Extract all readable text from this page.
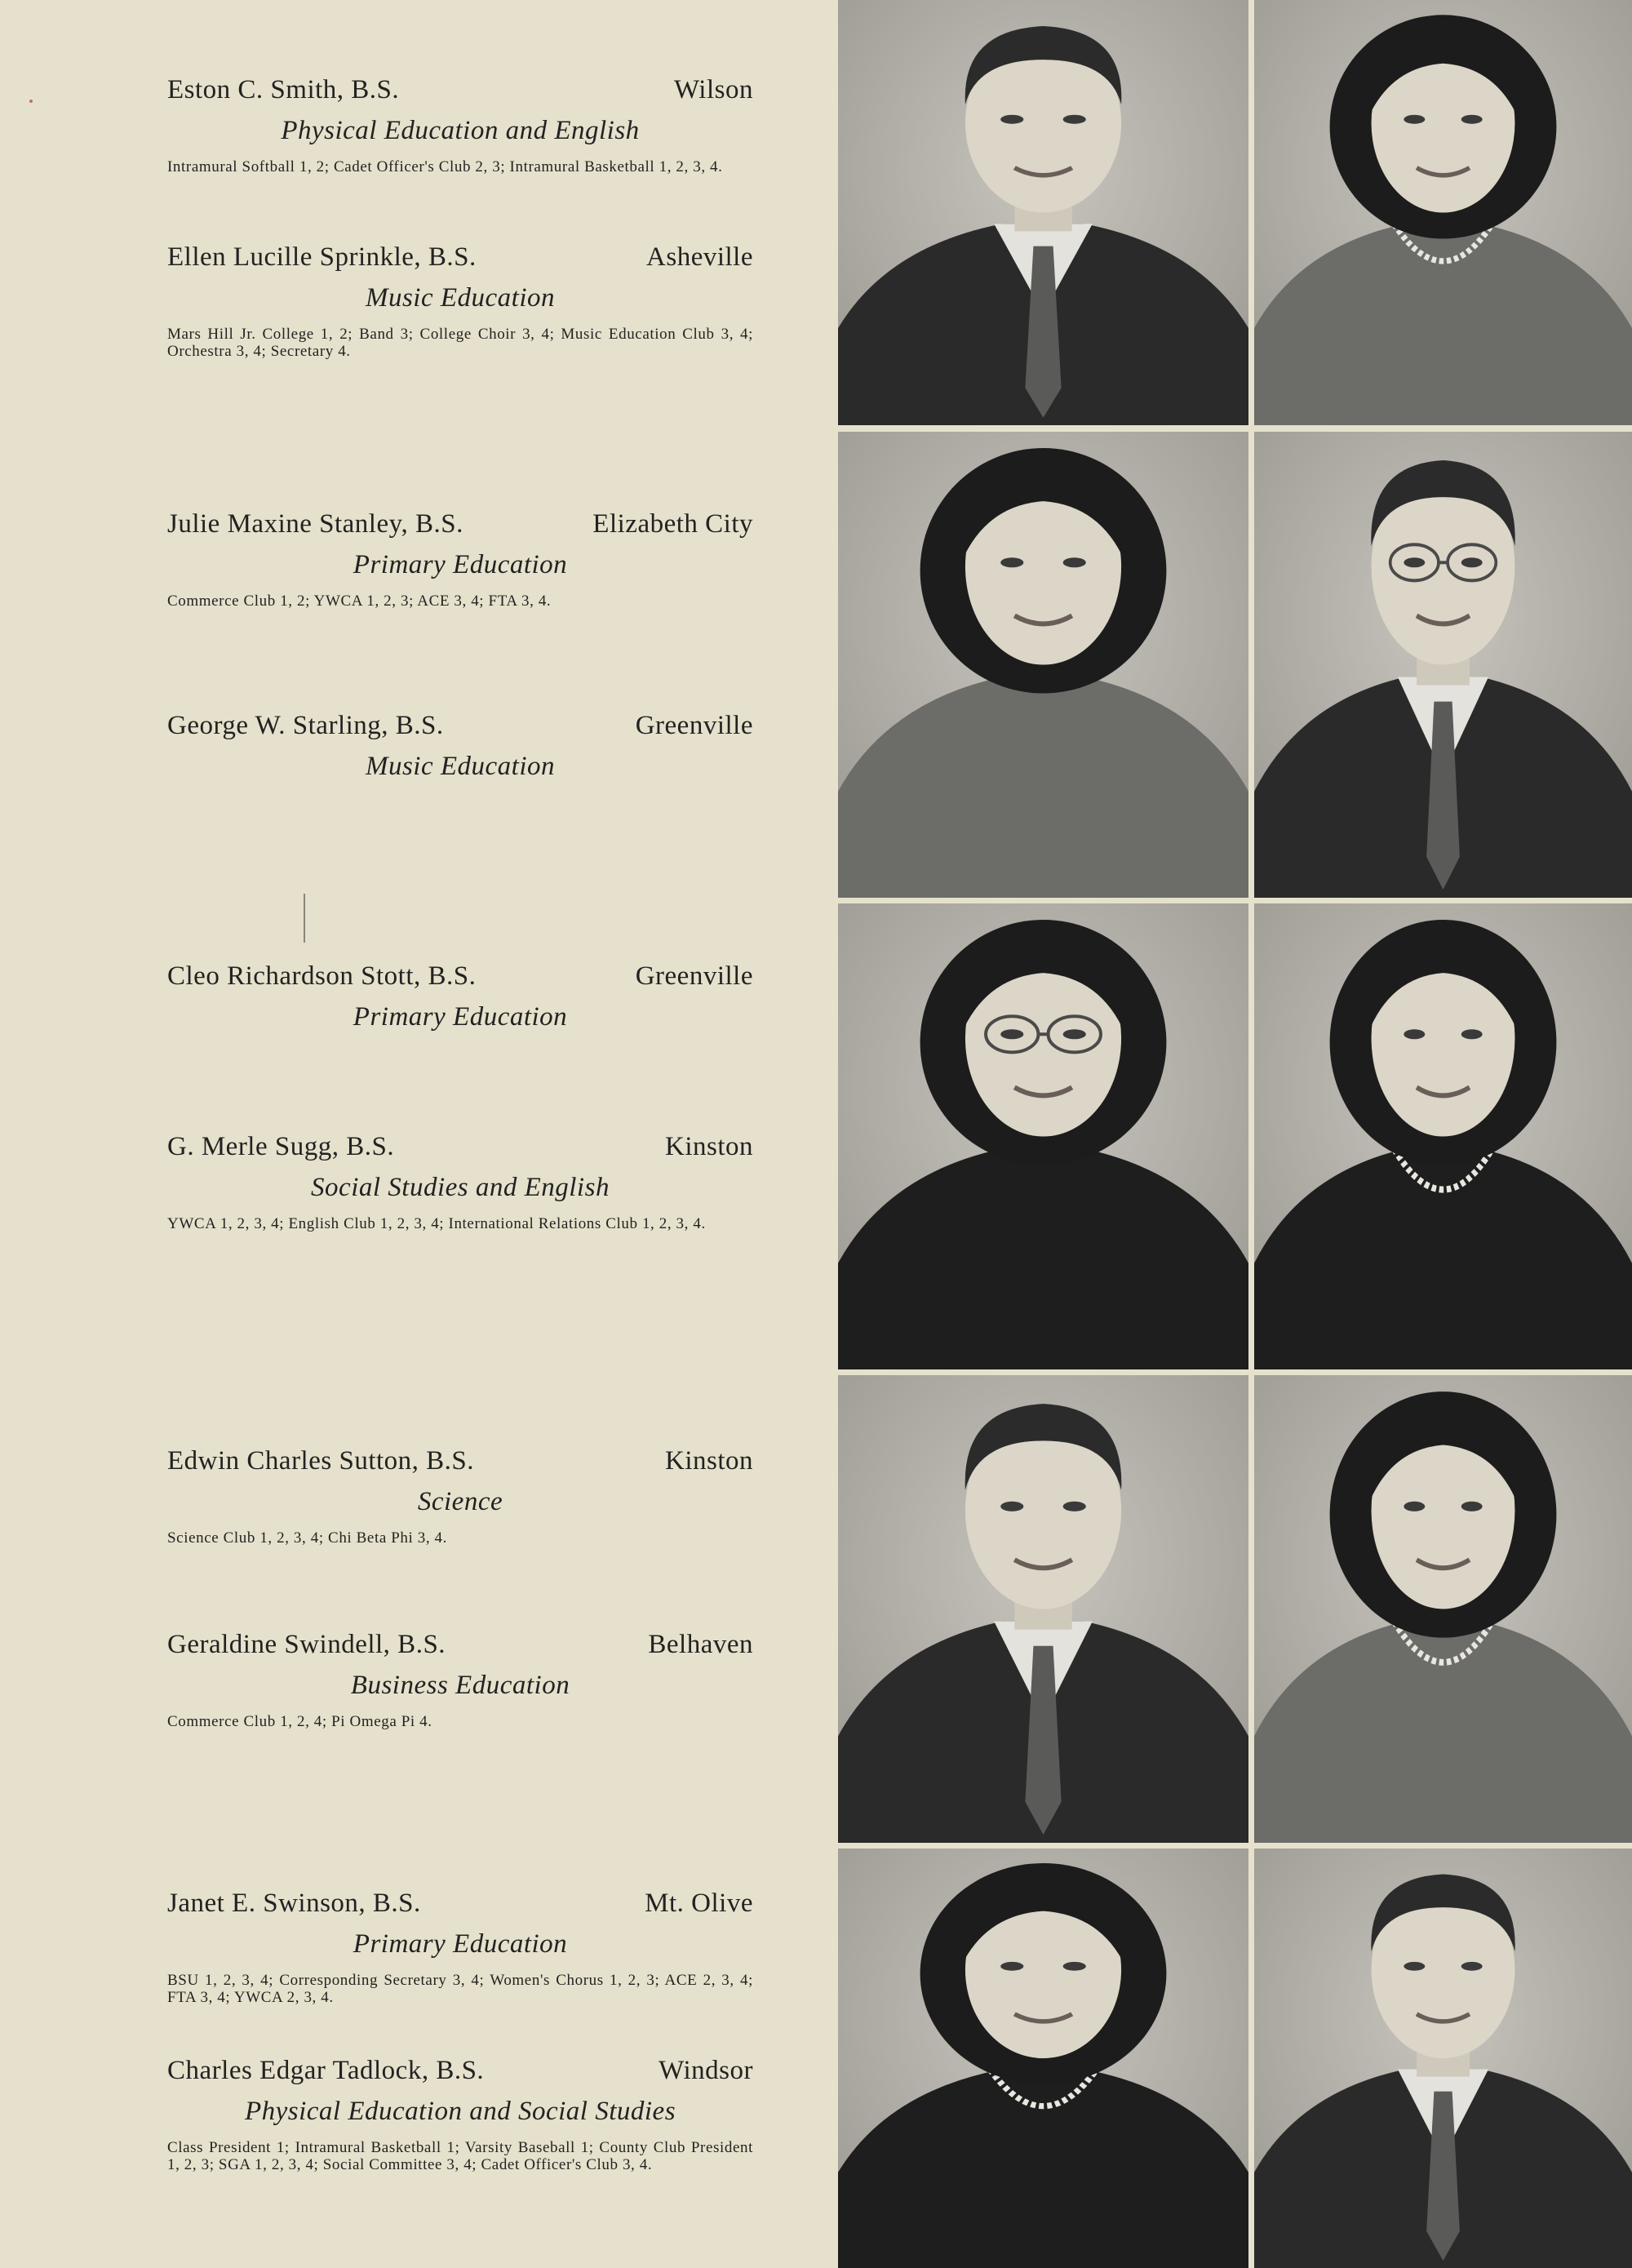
Eston C. Smith, B.S.	Wilson
Physical Education and English
Intramural Softball 1, 2; Cadet Officer's Club 2, 3; Intramural Basketball 1, 2, 3, 4.
Ellen Lucille Sprinkle, B.S.	Asheville
Music Education
Mars Hill Jr. College 1, 2; Band 3; College Choir 3, 4; Music Education Club 3, 4; Orchestra 3, 4; Secretary 4.
Julie Maxine Stanley, B.S.	Elizabeth City
Primary Education
Commerce Club 1, 2; YWCA 1, 2, 3; ACE 3, 4; FTA 3, 4.
George W. Starling, B.S.	Greenville
Music Education
Cleo Richardson Stott, B.S.	Greenville
Primary Education
G. Merle Sugg, B.S.	Kinston
Social Studies and English
YWCA 1, 2, 3, 4; English Club 1, 2, 3, 4; International Relations Club 1, 2, 3, 4.
Edwin Charles Sutton, B.S.	Kinston
Science
Science Club 1, 2, 3, 4; Chi Beta Phi 3, 4.
Geraldine Swindell, B.S.	Belhaven
Business Education
Commerce Club 1, 2, 4; Pi Omega Pi 4.
Janet E. Swinson, B.S.	Mt. Olive
Primary Education
BSU 1, 2, 3, 4; Corresponding Secretary 3, 4; Women's Chorus 1, 2, 3; ACE 2, 3, 4; FTA 3, 4; YWCA 2, 3, 4.
Charles Edgar Tadlock, B.S.	Windsor
Physical Education and Social Studies
Class President 1; Intramural Basketball 1; Varsity Baseball 1; County Club President 1, 2, 3; SGA 1, 2, 3, 4; Social Committee 3, 4; Cadet Officer's Club 3, 4.
